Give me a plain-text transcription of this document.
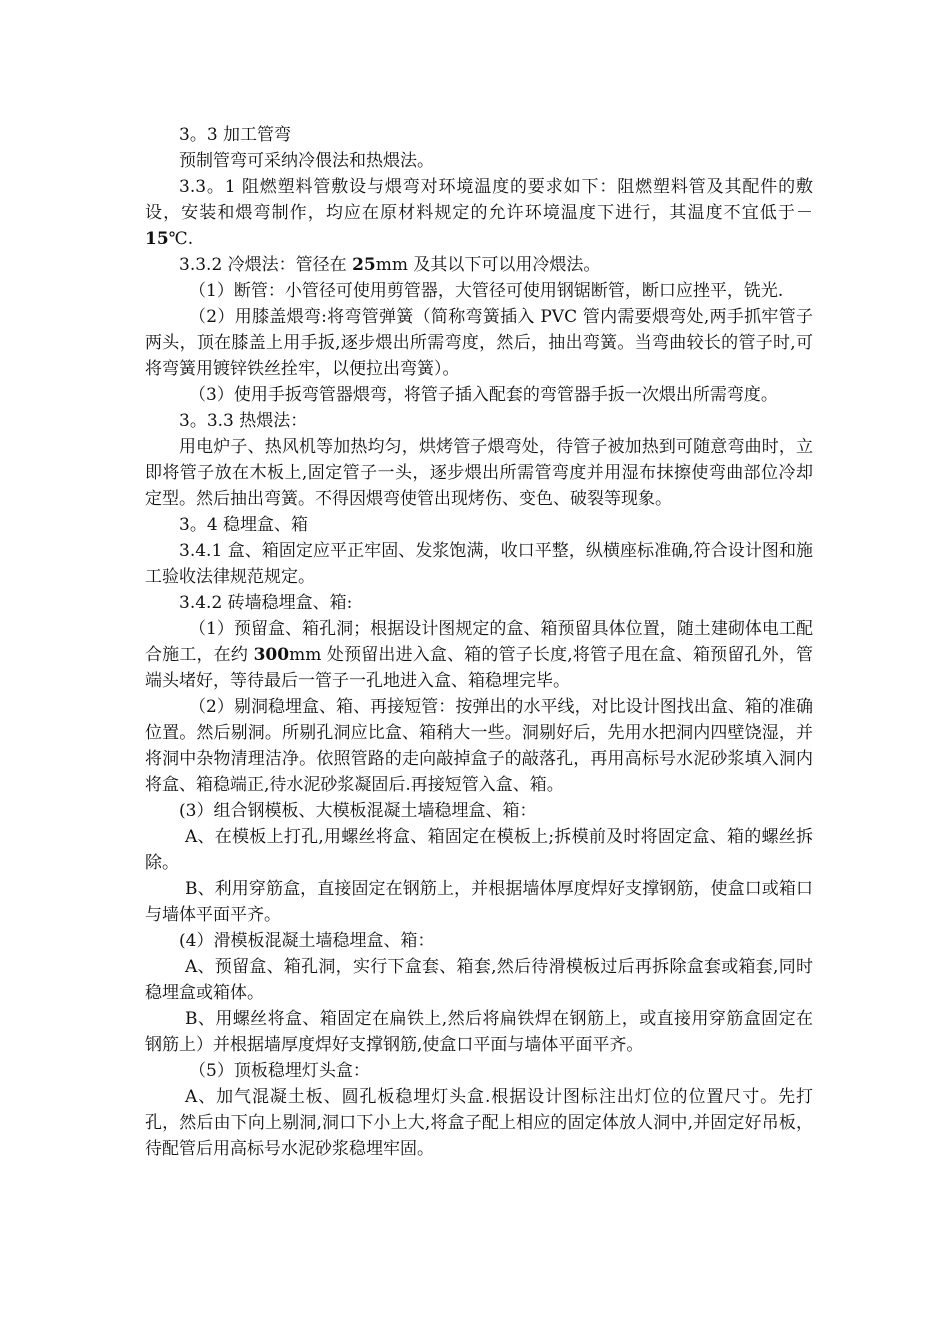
3。3 加工管弯

预制管弯可采纳冷偎法和热煨法。

3.3。1 阻燃塑料管敷设与煨弯对环境温度的要求如下：阻燃塑料管及其配件的敷设，安装和煨弯制作，均应在原材料规定的允许环境温度下进行，其温度不宜低于－15℃.

3.3.2 冷煨法：管径在 25mm 及其以下可以用冷煨法。

（1）断管：小管径可使用剪管器，大管径可使用钢锯断管，断口应挫平，铣光.

（2）用膝盖煨弯:将弯管弹簧（简称弯簧插入 PVC 管内需要煨弯处,两手抓牢管子两头，顶在膝盖上用手扳,逐步煨出所需弯度，然后，抽出弯簧。当弯曲较长的管子时,可将弯簧用镀锌铁丝拴牢，以便拉出弯簧）。

（3）使用手扳弯管器煨弯，将管子插入配套的弯管器手扳一次煨出所需弯度。

3。3.3 热煨法：

用电炉子、热风机等加热均匀，烘烤管子煨弯处，待管子被加热到可随意弯曲时，立即将管子放在木板上,固定管子一头，逐步煨出所需管弯度并用湿布抹擦使弯曲部位冷却定型。然后抽出弯簧。不得因煨弯使管出现烤伤、变色、破裂等现象。

3。4 稳埋盒、箱

3.4.1 盒、箱固定应平正牢固、发浆饱满，收口平整，纵横座标准确,符合设计图和施工验收法律规范规定。

3.4.2 砖墙稳埋盒、箱:

（1）预留盒、箱孔洞；根据设计图规定的盒、箱预留具体位置，随土建砌体电工配合施工，在约 300mm 处预留出进入盒、箱的管子长度,将管子甩在盒、箱预留孔外，管端头堵好，等待最后一管子一孔地进入盒、箱稳埋完毕。

（2）剔洞稳埋盒、箱、再接短管：按弹出的水平线，对比设计图找出盒、箱的准确位置。然后剔洞。所剔孔洞应比盒、箱稍大一些。洞剔好后，先用水把洞内四壁饶湿，并将洞中杂物清理洁净。依照管路的走向敲掉盒子的敲落孔，再用高标号水泥砂浆填入洞内将盒、箱稳端正,待水泥砂浆凝固后.再接短管入盒、箱。

(3）组合钢模板、大模板混凝土墙稳埋盒、箱：

A、在模板上打孔,用螺丝将盒、箱固定在模板上;拆模前及时将固定盒、箱的螺丝拆除。

B、利用穿筋盒，直接固定在钢筋上，并根据墙体厚度焊好支撑钢筋，使盒口或箱口与墙体平面平齐。

(4）滑模板混凝土墙稳埋盒、箱：

A、预留盒、箱孔洞，实行下盒套、箱套,然后待滑模板过后再拆除盒套或箱套,同时稳埋盒或箱体。

B、用螺丝将盒、箱固定在扁铁上,然后将扁铁焊在钢筋上，或直接用穿筋盒固定在钢筋上）并根据墙厚度焊好支撑钢筋,使盒口平面与墙体平面平齐。

（5）顶板稳埋灯头盒：

A、加气混凝土板、圆孔板稳埋灯头盒.根据设计图标注出灯位的位置尺寸。先打孔，然后由下向上剔洞,洞口下小上大,将盒子配上相应的固定体放人洞中,并固定好吊板，待配管后用高标号水泥砂浆稳埋牢固。
